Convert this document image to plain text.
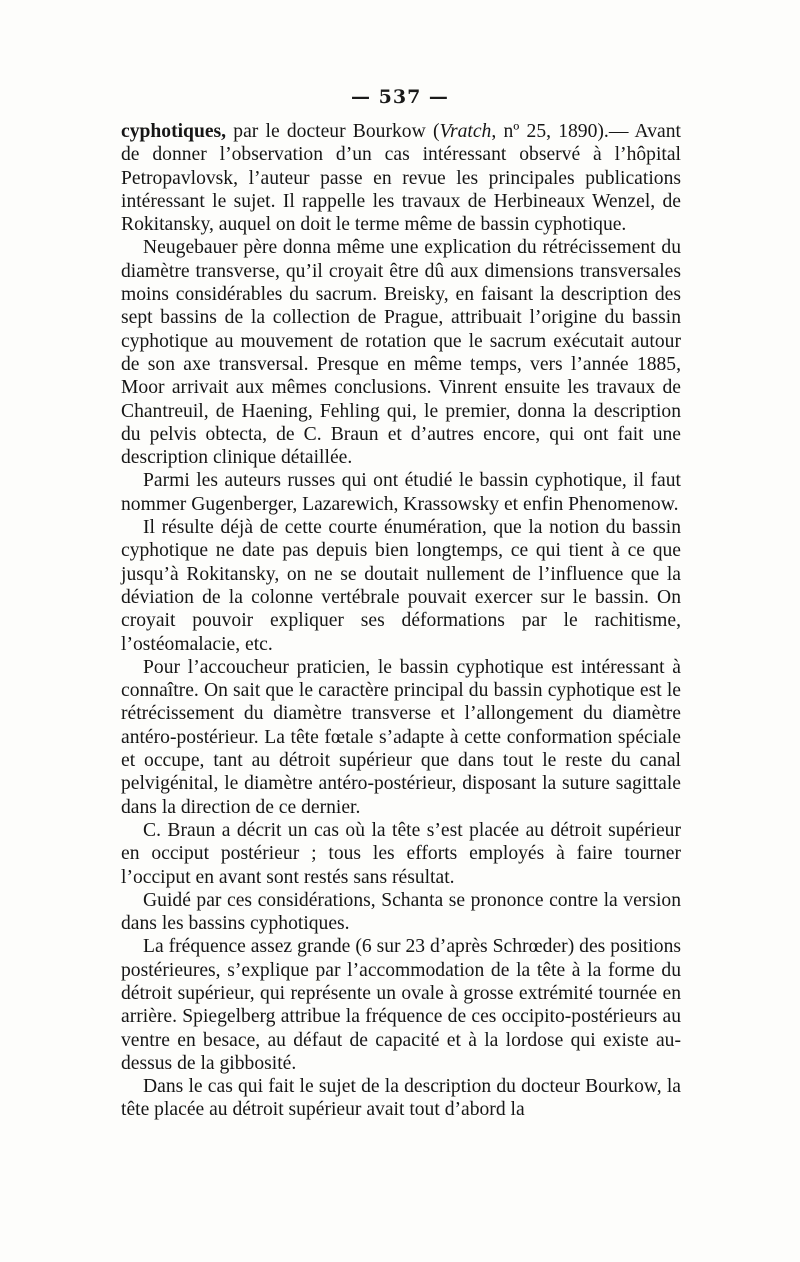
— 537 —

cyphotiques, par le docteur Bourkow (Vratch, nº 25, 1890).— Avant de donner l’observation d’un cas intéressant observé à l’hôpital Petropavlovsk, l’auteur passe en revue les principales publications intéressant le sujet. Il rappelle les travaux de Herbineaux Wenzel, de Rokitansky, auquel on doit le terme même de bassin cyphotique.

Neugebauer père donna même une explication du rétrécissement du diamètre transverse, qu’il croyait être dû aux dimensions transversales moins considérables du sacrum. Breisky, en faisant la description des sept bassins de la collection de Prague, attribuait l’origine du bassin cyphotique au mouvement de rotation que le sacrum exécutait autour de son axe transversal. Presque en même temps, vers l’année 1885, Moor arrivait aux mêmes conclusions. Vinrent ensuite les travaux de Chantreuil, de Haening, Fehling qui, le premier, donna la description du pelvis obtecta, de C. Braun et d’autres encore, qui ont fait une description clinique détaillée.

Parmi les auteurs russes qui ont étudié le bassin cyphotique, il faut nommer Gugenberger, Lazarewich, Krassowsky et enfin Phenomenow.

Il résulte déjà de cette courte énumération, que la notion du bassin cyphotique ne date pas depuis bien longtemps, ce qui tient à ce que jusqu’à Rokitansky, on ne se doutait nullement de l’influence que la déviation de la colonne vertébrale pouvait exercer sur le bassin. On croyait pouvoir expliquer ses déformations par le rachitisme, l’ostéomalacie, etc.

Pour l’accoucheur praticien, le bassin cyphotique est intéressant à connaître. On sait que le caractère principal du bassin cyphotique est le rétrécissement du diamètre transverse et l’allongement du diamètre antéro-postérieur. La tête fœtale s’adapte à cette conformation spéciale et occupe, tant au détroit supérieur que dans tout le reste du canal pelvigénital, le diamètre antéro-postérieur, disposant la suture sagittale dans la direction de ce dernier.

C. Braun a décrit un cas où la tête s’est placée au détroit supérieur en occiput postérieur ; tous les efforts employés à faire tourner l’occiput en avant sont restés sans résultat.

Guidé par ces considérations, Schanta se prononce contre la version dans les bassins cyphotiques.

La fréquence assez grande (6 sur 23 d’après Schrœder) des positions postérieures, s’explique par l’accommodation de la tête à la forme du détroit supérieur, qui représente un ovale à grosse extrémité tournée en arrière. Spiegelberg attribue la fréquence de ces occipito-postérieurs au ventre en besace, au défaut de capacité et à la lordose qui existe au-dessus de la gibbosité.

Dans le cas qui fait le sujet de la description du docteur Bourkow, la tête placée au détroit supérieur avait tout d’abord la
